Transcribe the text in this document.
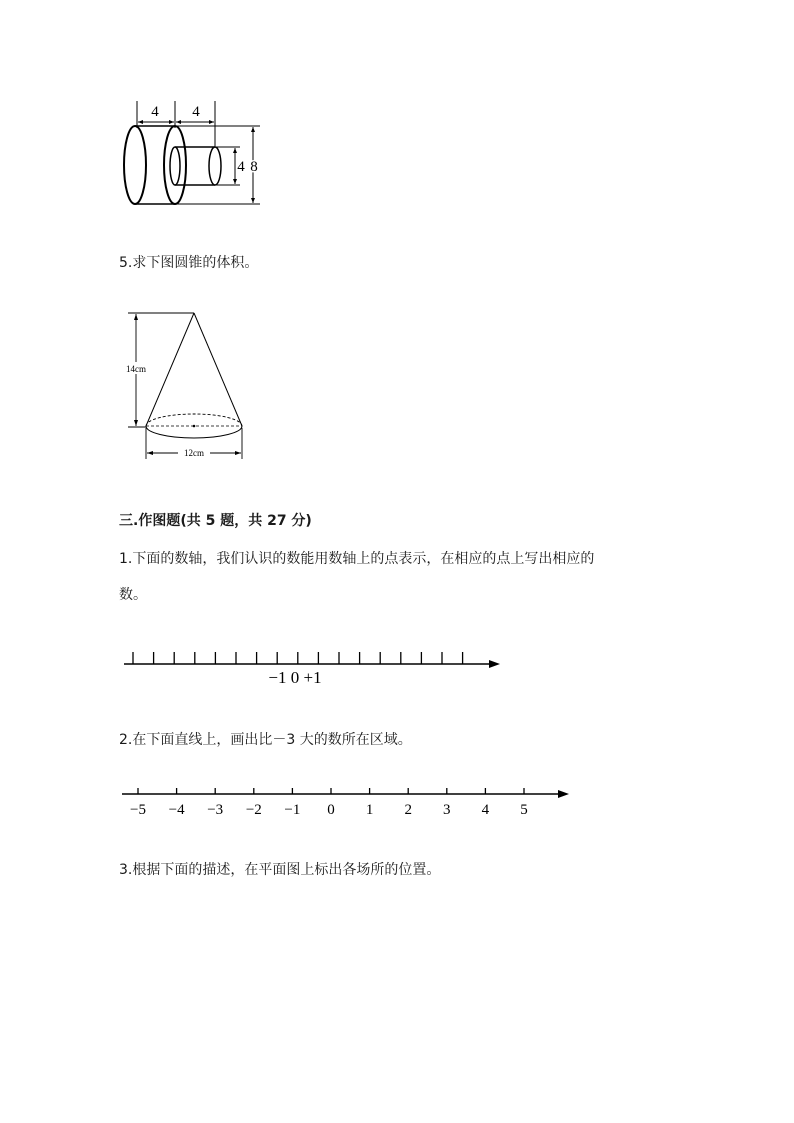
4 4
4 8
5.求下图圆锥的体积。
14cm
12cm
三.作图题(共 5 题，共 27 分)
1.下面的数轴，我们认识的数能用数轴上的点表示，在相应的点上写出相应的
数。
−1 0 +1
2.在下面直线上，画出比－3 大的数所在区域。
−5 −4 −3 −2 −1 0 1 2 3 4 5
3.根据下面的描述，在平面图上标出各场所的位置。
